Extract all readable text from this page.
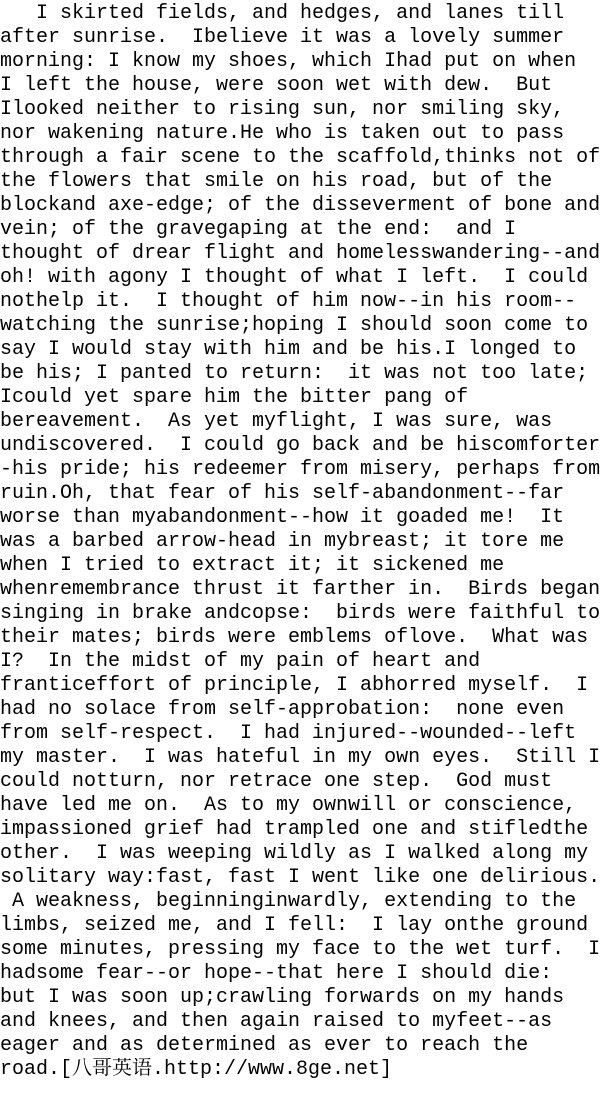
I skirted fields, and hedges, and lanes till
after sunrise.  Ibelieve it was a lovely summer
morning: I know my shoes, which Ihad put on when
I left the house, were soon wet with dew.  But
Ilooked neither to rising sun, nor smiling sky,
nor wakening nature.He who is taken out to pass
through a fair scene to the scaffold,thinks not of
the flowers that smile on his road, but of the
blockand axe-edge; of the disseverment of bone and
vein; of the gravegaping at the end:  and I
thought of drear flight and homelesswandering--and
oh! with agony I thought of what I left.  I could
nothelp it.  I thought of him now--in his room--
watching the sunrise;hoping I should soon come to
say I would stay with him and be his.I longed to
be his; I panted to return:  it was not too late;
Icould yet spare him the bitter pang of
bereavement.  As yet myflight, I was sure, was
undiscovered.  I could go back and be hiscomforter
-his pride; his redeemer from misery, perhaps from
ruin.Oh, that fear of his self-abandonment--far
worse than myabandonment--how it goaded me!  It
was a barbed arrow-head in mybreast; it tore me
when I tried to extract it; it sickened me
whenremembrance thrust it farther in.  Birds began
singing in brake andcopse:  birds were faithful to
their mates; birds were emblems oflove.  What was
I?  In the midst of my pain of heart and
franticeffort of principle, I abhorred myself.  I
had no solace from self-approbation:  none even
from self-respect.  I had injured--wounded--left
my master.  I was hateful in my own eyes.  Still I
could notturn, nor retrace one step.  God must
have led me on.  As to my ownwill or conscience,
impassioned grief had trampled one and stifledthe
other.  I was weeping wildly as I walked along my
solitary way:fast, fast I went like one delirious.
A weakness, beginninginwardly, extending to the
limbs, seized me, and I fell:  I lay onthe ground
some minutes, pressing my face to the wet turf.  I
hadsome fear--or hope--that here I should die:
but I was soon up;crawling forwards on my hands
and knees, and then again raised to myfeet--as
eager and as determined as ever to reach the
road.[八哥英语.http://www.8ge.net]
